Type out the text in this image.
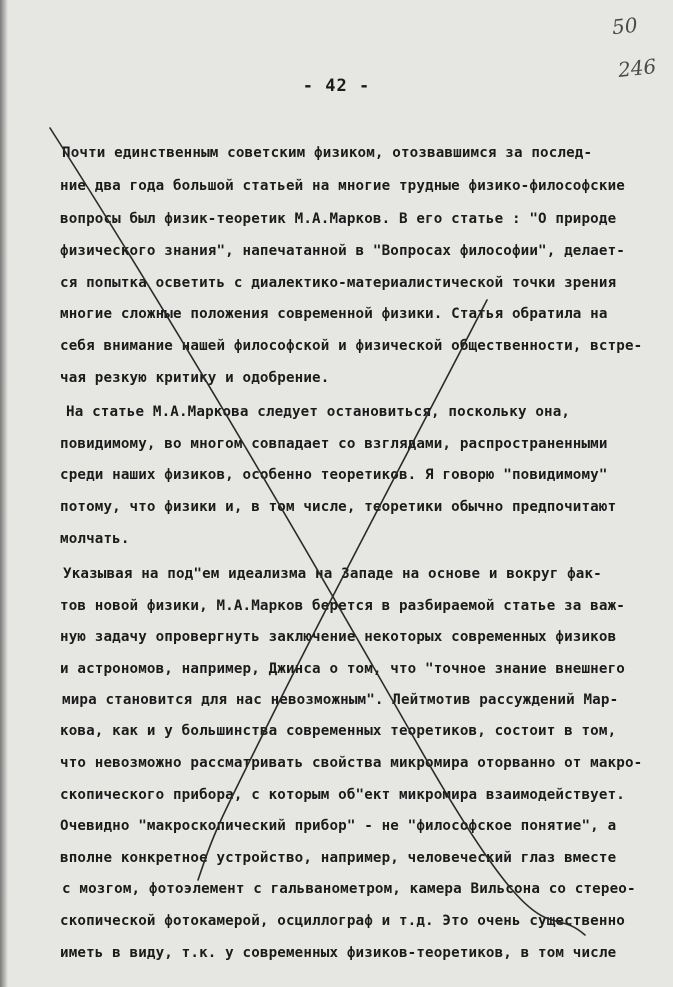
50
246
- 42 -
Почти единственным советским физиком, отозвавшимся за послед-
ние два года большой статьей на многие трудные физико-философские
вопросы был физик-теоретик М.А.Марков. В его статье : "О природе
физического знания", напечатанной в "Вопросах философии", делает-
ся попытка осветить с диалектико-материалистической точки зрения
многие сложные положения современной физики. Статья обратила на
себя внимание нашей философской и физической общественности, встре-
чая резкую критику и одобрение.
На статье М.А.Маркова следует остановиться, поскольку она,
повидимому, во многом совпадает со взглядами, распространенными
среди наших физиков, особенно теоретиков. Я говорю "повидимому"
потому, что физики и, в том числе, теоретики обычно предпочитают
молчать.
Указывая на под"ем идеализма на Западе на основе и вокруг фак-
тов новой физики, М.А.Марков берется в разбираемой статье за важ-
ную задачу опровергнуть заключение некоторых современных физиков
и астрономов, например, Джинса о том, что "точное знание внешнего
мира становится для нас невозможным". Лейтмотив рассуждений Мар-
кова, как и у большинства современных теоретиков, состоит в том,
что невозможно рассматривать свойства микромира оторванно от макро-
скопического прибора, с которым об"ект микромира взаимодействует.
Очевидно "макроскопический прибор" - не "философское понятие", а
вполне конкретное устройство, например, человеческий глаз вместе
с мозгом, фотоэлемент с гальванометром, камера Вильсона со стерео-
скопической фотокамерой, осциллограф и т.д. Это очень существенно
иметь в виду, т.к. у современных физиков-теоретиков, в том числе
